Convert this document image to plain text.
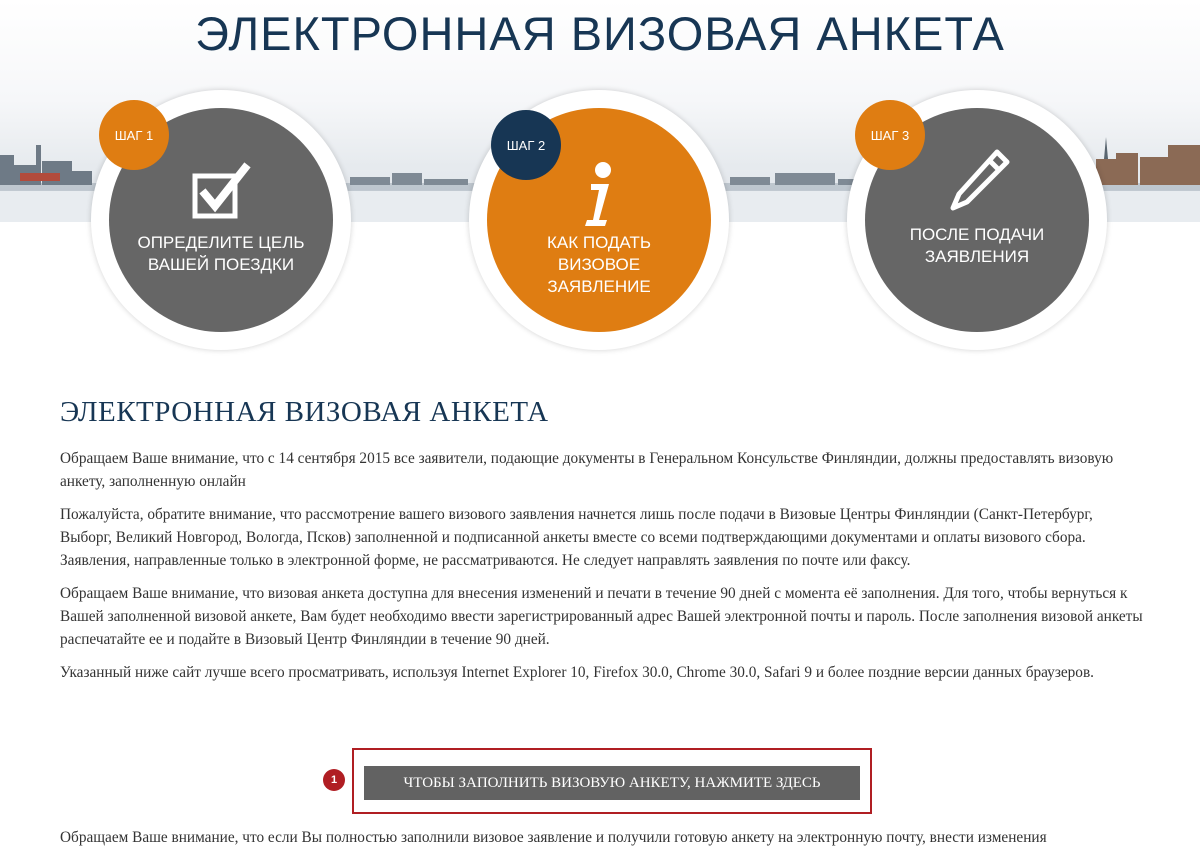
ЭЛЕКТРОННАЯ ВИЗОВАЯ АНКЕТА
ШАГ 1
ОПРЕДЕЛИТЕ ЦЕЛЬ ВАШЕЙ ПОЕЗДКИ
ШАГ 2
КАК ПОДАТЬ ВИЗОВОЕ ЗАЯВЛЕНИЕ
ШАГ 3
ПОСЛЕ ПОДАЧИ ЗАЯВЛЕНИЯ
ЭЛЕКТРОННАЯ ВИЗОВАЯ АНКЕТА

Обращаем Ваше внимание, что с 14 сентября 2015 все заявители, подающие документы в Генеральном Консульстве Финляндии, должны предоставлять визовую анкету, заполненную онлайн

Пожалуйста, обратите внимание, что рассмотрение вашего визового заявления начнется лишь после подачи в Визовые Центры Финляндии (Санкт-Петербург, Выборг, Великий Новгород, Вологда, Псков) заполненной и подписанной анкеты вместе со всеми подтверждающими документами и оплаты визового сбора. Заявления, направленные только в электронной форме, не рассматриваются. Не следует направлять заявления по почте или факсу.

Обращаем Ваше внимание, что визовая анкета доступна для внесения изменений и печати в течение 90 дней с момента её заполнения. Для того, чтобы вернуться к Вашей заполненной визовой анкете, Вам будет необходимо ввести зарегистрированный адрес Вашей электронной почты и пароль. После заполнения визовой анкеты распечатайте ее и подайте в Визовый Центр Финляндии в течение 90 дней.

Указанный ниже сайт лучше всего просматривать, используя Internet Explorer 10, Firefox 30.0, Chrome 30.0, Safari 9 и более поздние версии данных браузеров.

1	ЧТОБЫ ЗАПОЛНИТЬ ВИЗОВУЮ АНКЕТУ, НАЖМИТЕ ЗДЕСЬ
Обращаем Ваше внимание, что если Вы полностью заполнили визовое заявление и получили готовую анкету на электронную почту, внести изменения
